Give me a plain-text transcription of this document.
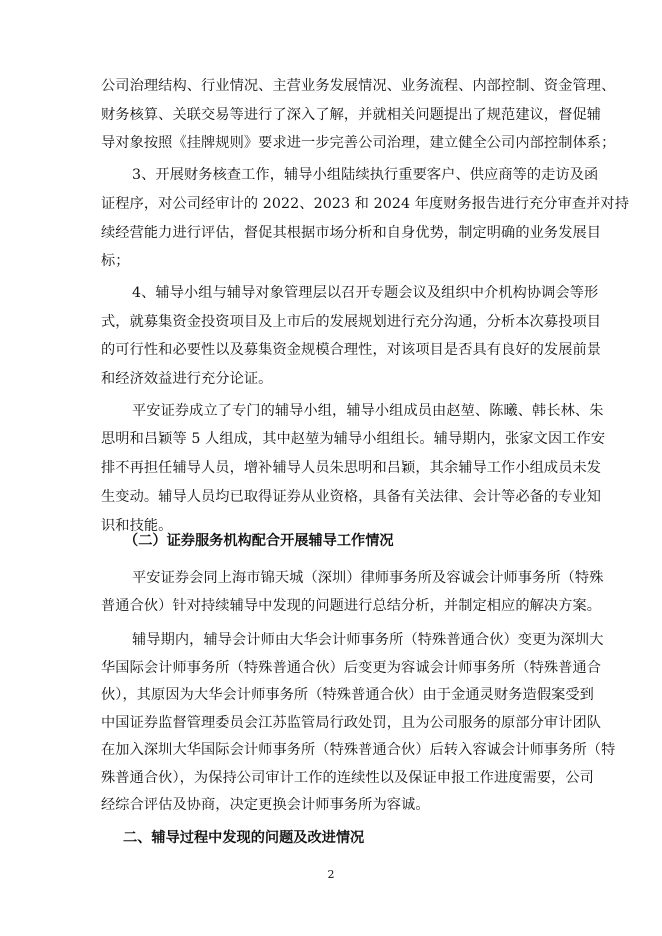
公司治理结构、行业情况、主营业务发展情况、业务流程、内部控制、资金管理、
财务核算、关联交易等进行了深入了解，并就相关问题提出了规范建议，督促辅
导对象按照《挂牌规则》要求进一步完善公司治理，建立健全公司内部控制体系；
3、开展财务核查工作，辅导小组陆续执行重要客户、供应商等的走访及函
证程序，对公司经审计的 2022、2023 和 2024 年度财务报告进行充分审查并对持
续经营能力进行评估，督促其根据市场分析和自身优势，制定明确的业务发展目
标；
4、辅导小组与辅导对象管理层以召开专题会议及组织中介机构协调会等形
式，就募集资金投资项目及上市后的发展规划进行充分沟通，分析本次募投项目
的可行性和必要性以及募集资金规模合理性，对该项目是否具有良好的发展前景
和经济效益进行充分论证。
平安证券成立了专门的辅导小组，辅导小组成员由赵堃、陈曦、韩长林、朱
思明和吕颖等 5 人组成，其中赵堃为辅导小组组长。辅导期内，张家文因工作安
排不再担任辅导人员，增补辅导人员朱思明和吕颖，其余辅导工作小组成员未发
生变动。辅导人员均已取得证券从业资格，具备有关法律、会计等必备的专业知
识和技能。
（二）证券服务机构配合开展辅导工作情况
平安证券会同上海市锦天城（深圳）律师事务所及容诚会计师事务所（特殊
普通合伙）针对持续辅导中发现的问题进行总结分析，并制定相应的解决方案。
辅导期内，辅导会计师由大华会计师事务所（特殊普通合伙）变更为深圳大
华国际会计师事务所（特殊普通合伙）后变更为容诚会计师事务所（特殊普通合
伙），其原因为大华会计师事务所（特殊普通合伙）由于金通灵财务造假案受到
中国证券监督管理委员会江苏监管局行政处罚，且为公司服务的原部分审计团队
在加入深圳大华国际会计师事务所（特殊普通合伙）后转入容诚会计师事务所（特
二、辅导过程中发现的问题及改进情况
2
殊普通合伙），为保持公司审计工作的连续性以及保证申报工作进度需要，公司
经综合评估及协商，决定更换会计师事务所为容诚。
